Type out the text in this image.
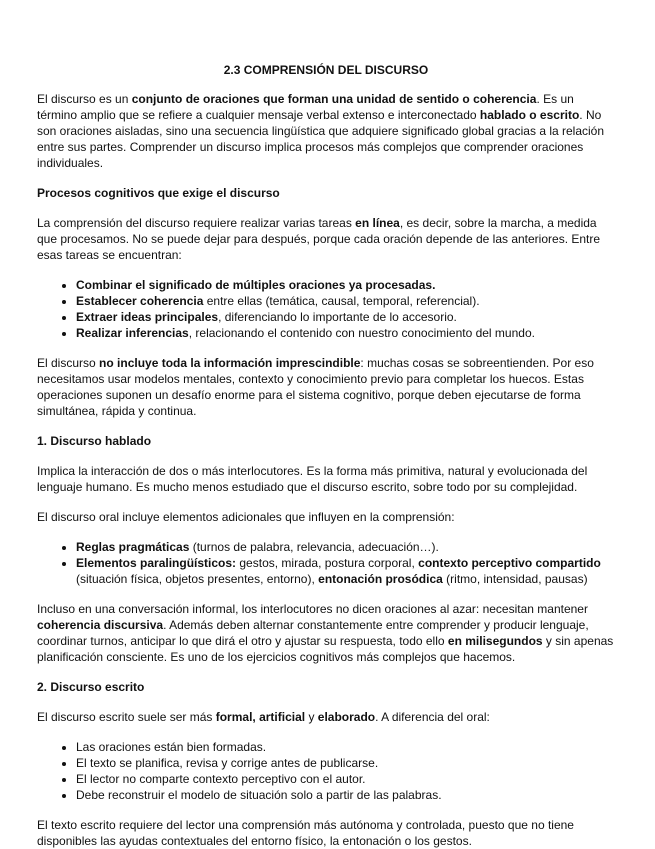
2.3 COMPRENSIÓN DEL DISCURSO

El discurso es un conjunto de oraciones que forman una unidad de sentido o coherencia. Es un término amplio que se refiere a cualquier mensaje verbal extenso e interconectado hablado o escrito. No son oraciones aisladas, sino una secuencia lingüística que adquiere significado global gracias a la relación entre sus partes. Comprender un discurso implica procesos más complejos que comprender oraciones individuales.

Procesos cognitivos que exige el discurso

La comprensión del discurso requiere realizar varias tareas en línea, es decir, sobre la marcha, a medida que procesamos. No se puede dejar para después, porque cada oración depende de las anteriores. Entre esas tareas se encuentran:

• Combinar el significado de múltiples oraciones ya procesadas.
• Establecer coherencia entre ellas (temática, causal, temporal, referencial).
• Extraer ideas principales, diferenciando lo importante de lo accesorio.
• Realizar inferencias, relacionando el contenido con nuestro conocimiento del mundo.

El discurso no incluye toda la información imprescindible: muchas cosas se sobreentienden. Por eso necesitamos usar modelos mentales, contexto y conocimiento previo para completar los huecos. Estas operaciones suponen un desafío enorme para el sistema cognitivo, porque deben ejecutarse de forma simultánea, rápida y continua.

1. Discurso hablado

Implica la interacción de dos o más interlocutores. Es la forma más primitiva, natural y evolucionada del lenguaje humano. Es mucho menos estudiado que el discurso escrito, sobre todo por su complejidad.

El discurso oral incluye elementos adicionales que influyen en la comprensión:

• Reglas pragmáticas (turnos de palabra, relevancia, adecuación…).
• Elementos paralingüísticos: gestos, mirada, postura corporal, contexto perceptivo compartido (situación física, objetos presentes, entorno), entonación prosódica (ritmo, intensidad, pausas)

Incluso en una conversación informal, los interlocutores no dicen oraciones al azar: necesitan mantener coherencia discursiva. Además deben alternar constantemente entre comprender y producir lenguaje, coordinar turnos, anticipar lo que dirá el otro y ajustar su respuesta, todo ello en milisegundos y sin apenas planificación consciente. Es uno de los ejercicios cognitivos más complejos que hacemos.

2. Discurso escrito

El discurso escrito suele ser más formal, artificial y elaborado. A diferencia del oral:

• Las oraciones están bien formadas.
• El texto se planifica, revisa y corrige antes de publicarse.
• El lector no comparte contexto perceptivo con el autor.
• Debe reconstruir el modelo de situación solo a partir de las palabras.

El texto escrito requiere del lector una comprensión más autónoma y controlada, puesto que no tiene disponibles las ayudas contextuales del entorno físico, la entonación o los gestos.
